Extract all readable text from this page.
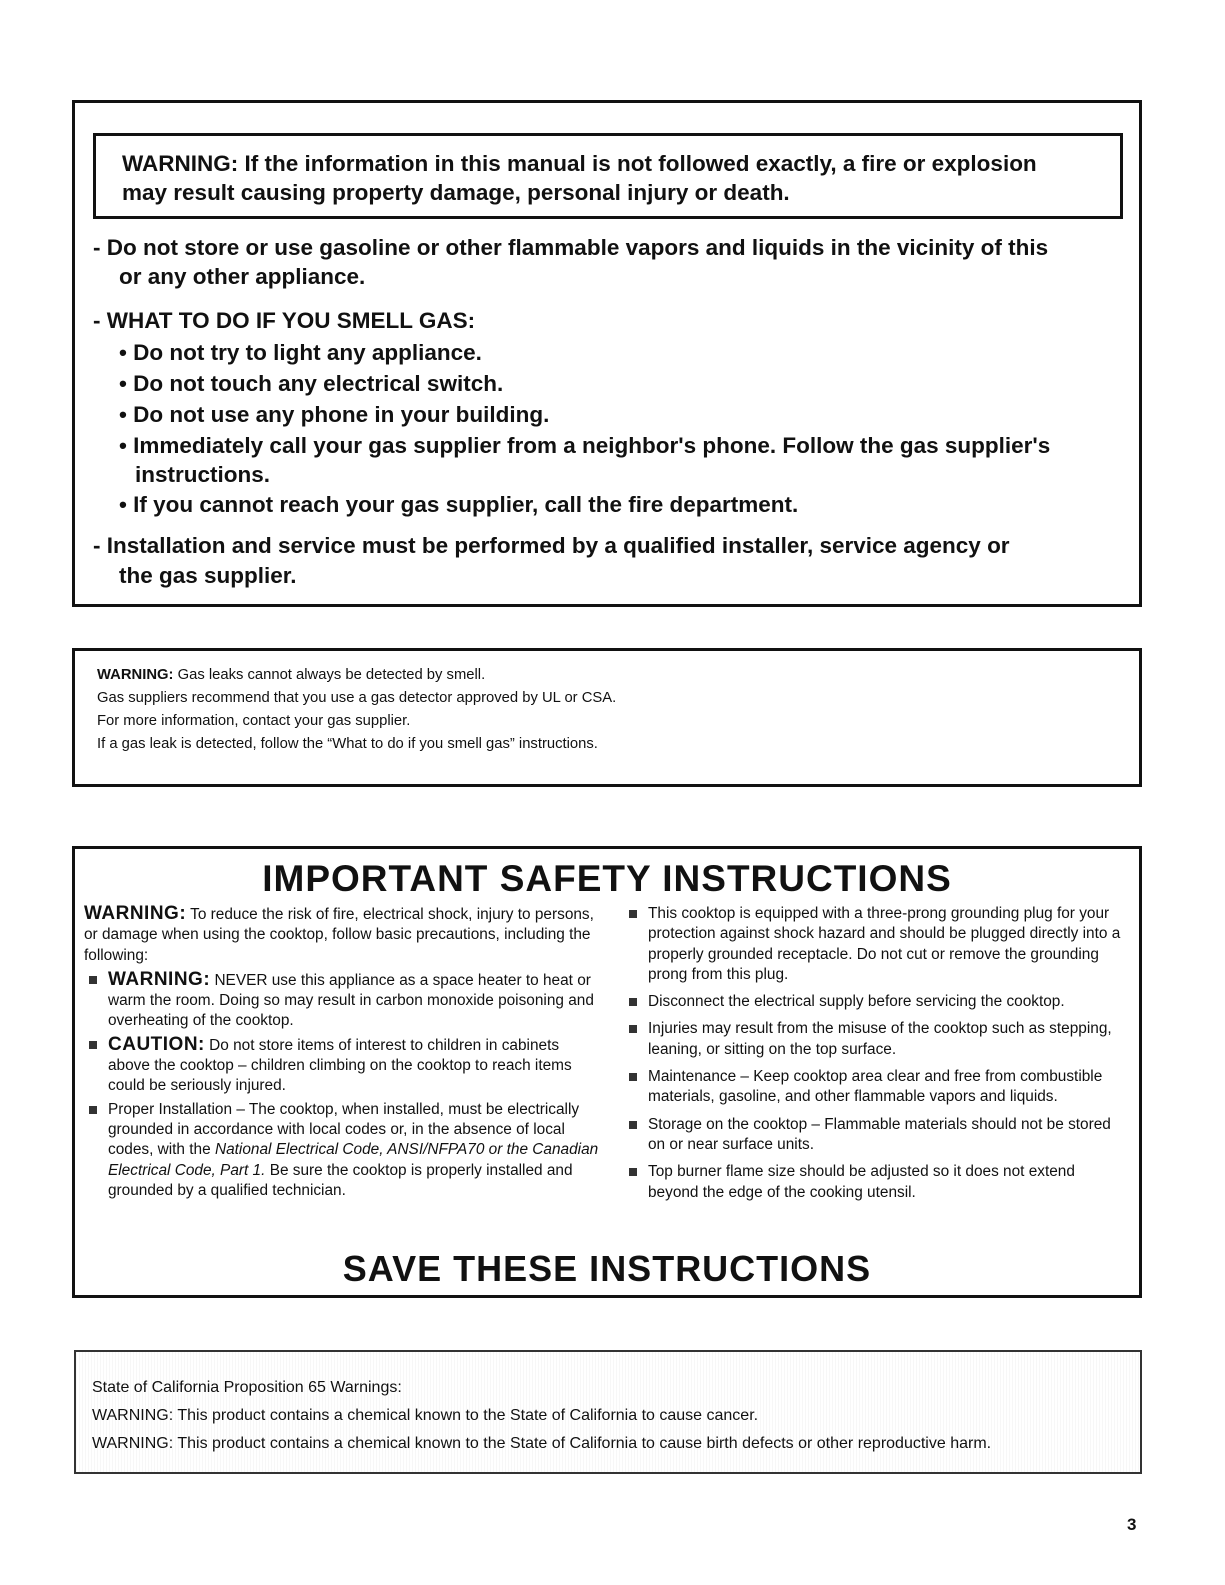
WARNING: If the information in this manual is not followed exactly, a fire or explosion

may result causing property damage, personal injury or death.

- Do not store or use gasoline or other flammable vapors and liquids in the vicinity of this
or any other appliance.
- WHAT TO DO IF YOU SMELL GAS:
• Do not try to light any appliance.
• Do not touch any electrical switch.
• Do not use any phone in your building.
• Immediately call your gas supplier from a neighbor's phone. Follow the gas supplier's
instructions.
• If you cannot reach your gas supplier, call the fire department.
- Installation and service must be performed by a qualified installer, service agency or
the gas supplier.

WARNING: Gas leaks cannot always be detected by smell.

Gas suppliers recommend that you use a gas detector approved by UL or CSA.

For more information, contact your gas supplier.

If a gas leak is detected, follow the “What to do if you smell gas” instructions.

IMPORTANT SAFETY INSTRUCTIONS

WARNING: To reduce the risk of fire, electrical shock, injury to persons, or damage when using the cooktop, follow basic precautions, including the following:

WARNING: NEVER use this appliance as a space heater to heat or warm the room. Doing so may result in carbon monoxide poisoning and overheating of the cooktop.
CAUTION: Do not store items of interest to children in cabinets above the cooktop – children climbing on the cooktop to reach items could be seriously injured.
Proper Installation – The cooktop, when installed, must be electrically grounded in accordance with local codes or, in the absence of local codes, with the National Electrical Code, ANSI/NFPA70 or the Canadian Electrical Code, Part 1. Be sure the cooktop is properly installed and grounded by a qualified technician.
This cooktop is equipped with a three-prong grounding plug for your protection against shock hazard and should be plugged directly into a properly grounded receptacle. Do not cut or remove the grounding prong from this plug.
Disconnect the electrical supply before servicing the cooktop.
Injuries may result from the misuse of the cooktop such as stepping, leaning, or sitting on the top surface.
Maintenance – Keep cooktop area clear and free from combustible materials, gasoline, and other flammable vapors and liquids.
Storage on the cooktop – Flammable materials should not be stored on or near surface units.
Top burner flame size should be adjusted so it does not extend beyond the edge of the cooking utensil.
SAVE THESE INSTRUCTIONS

State of California Proposition 65 Warnings:

WARNING: This product contains a chemical known to the State of California to cause cancer.

WARNING: This product contains a chemical known to the State of California to cause birth defects or other reproductive harm.

3
